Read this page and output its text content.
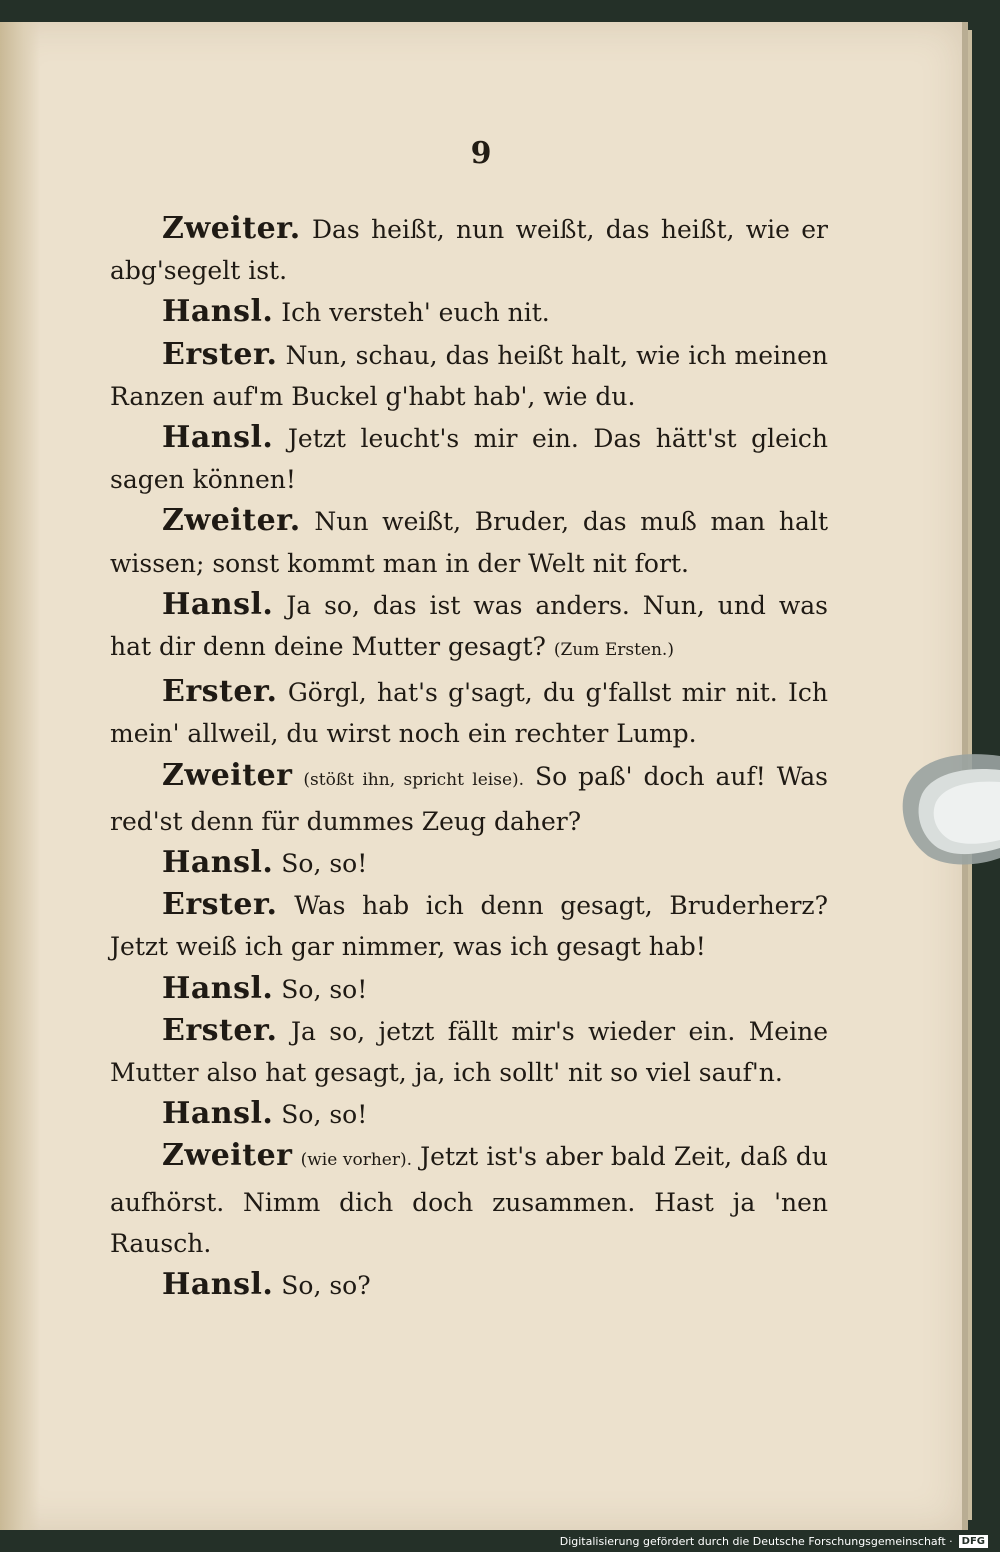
9

Zweiter. Das heißt, nun weißt, das heißt, wie er abg'segelt ist.

Hansl. Ich versteh' euch nit.

Erster. Nun, schau, das heißt halt, wie ich meinen Ranzen auf'm Buckel g'habt hab', wie du.

Hansl. Jetzt leucht's mir ein. Das hätt'st gleich sagen können!

Zweiter. Nun weißt, Bruder, das muß man halt wissen; sonst kommt man in der Welt nit fort.

Hansl. Ja so, das ist was anders. Nun, und was hat dir denn deine Mutter gesagt? (Zum Ersten.)

Erster. Görgl, hat's g'sagt, du g'fallst mir nit. Ich mein' allweil, du wirst noch ein rechter Lump.

Zweiter (stößt ihn, spricht leise). So paß' doch auf! Was red'st denn für dummes Zeug daher?

Hansl. So, so!

Erster. Was hab ich denn gesagt, Bruderherz? Jetzt weiß ich gar nimmer, was ich gesagt hab!

Hansl. So, so!

Erster. Ja so, jetzt fällt mir's wieder ein. Meine Mutter also hat gesagt, ja, ich sollt' nit so viel sauf'n.

Hansl. So, so!

Zweiter (wie vorher). Jetzt ist's aber bald Zeit, daß du aufhörst. Nimm dich doch zusammen. Hast ja 'nen Rausch.

Hansl. So, so?

Digitalisierung gefördert durch die Deutsche Forschungsgemeinschaft · DFG
